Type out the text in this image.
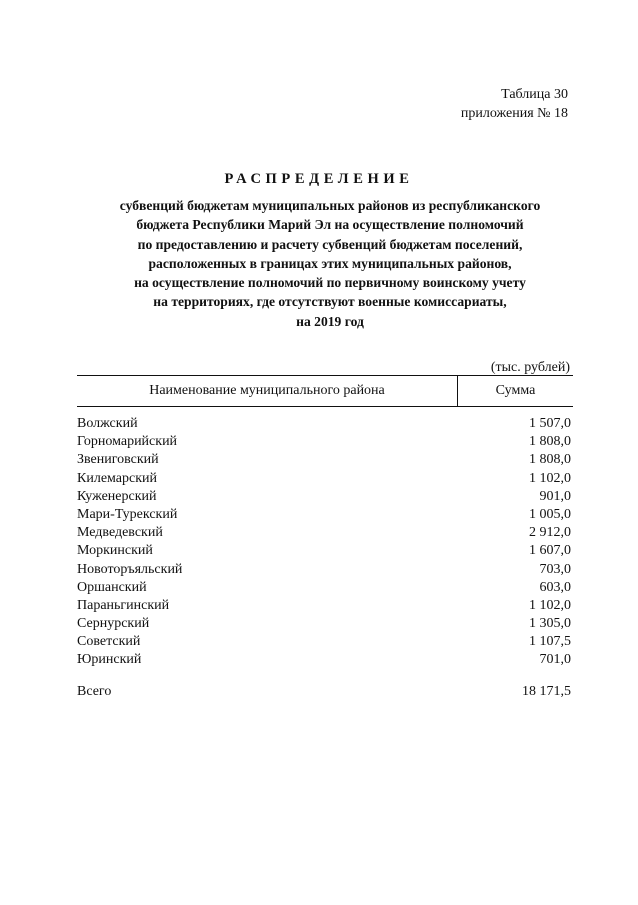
Таблица 30
приложения № 18
РАСПРЕДЕЛЕНИЕ
субвенций бюджетам муниципальных районов из республиканского
бюджета Республики Марий Эл на осуществление полномочий
по предоставлению и расчету субвенций бюджетам поселений,
расположенных в границах этих муниципальных районов,
на осуществление полномочий по первичному воинскому учету
на территориях, где отсутствуют военные комиссариаты,
на 2019 год
(тыс. рублей)
Наименование муниципального района	Сумма
Волжский	1 507,0
Горномарийский	1 808,0
Звениговский	1 808,0
Килемарский	1 102,0
Куженерский	901,0
Мари-Турекский	1 005,0
Медведевский	2 912,0
Моркинский	1 607,0
Новоторъяльский	703,0
Оршанский	603,0
Параньгинский	1 102,0
Сернурский	1 305,0
Советский	1 107,5
Юринский	701,0
Всего	18 171,5
